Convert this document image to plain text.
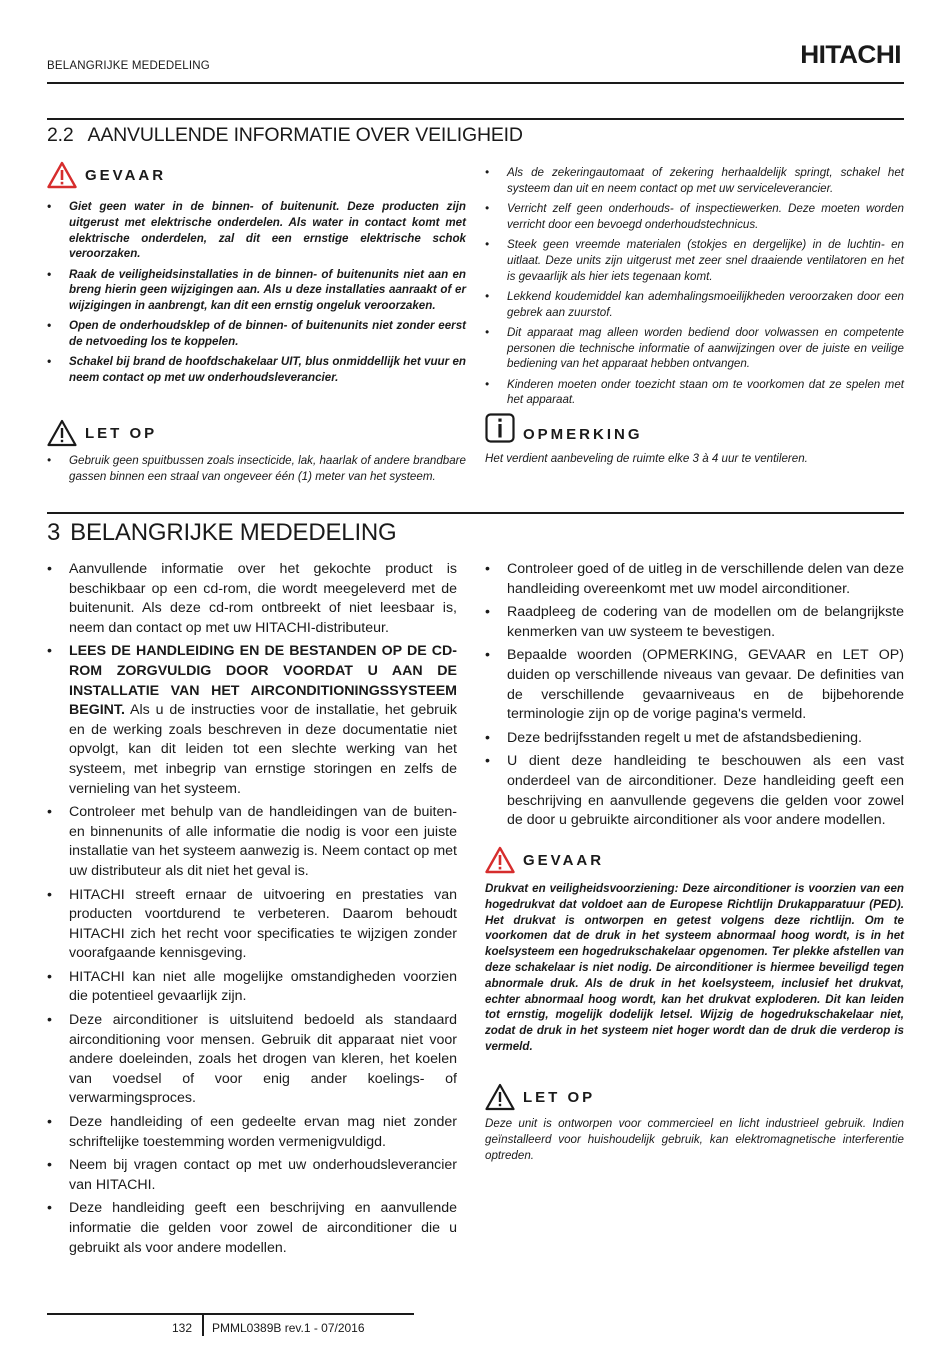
BELANGRIJKE MEDEDELING	HITACHI
2.2 AANVULLENDE INFORMATIE OVER VEILIGHEID
GEVAAR
• Giet geen water in de binnen- of buitenunit. Deze producten zijn uitgerust met elektrische onderdelen. Als water in contact komt met elektrische onderdelen, zal dit een ernstige elektrische schok veroorzaken.
• Raak de veiligheidsinstallaties in de binnen- of buitenunits niet aan en breng hierin geen wijzigingen aan. Als u deze installaties aanraakt of er wijzigingen in aanbrengt, kan dit een ernstig ongeluk veroorzaken.
• Open de onderhoudsklep of de binnen- of buitenunits niet zonder eerst de netvoeding los te koppelen.
• Schakel bij brand de hoofdschakelaar UIT, blus onmiddellijk het vuur en neem contact op met uw onderhoudsleverancier.
LET OP
• Gebruik geen spuitbussen zoals insecticide, lak, haarlak of andere brandbare gassen binnen een straal van ongeveer één (1) meter van het systeem.
• Als de zekeringautomaat of zekering herhaaldelijk springt, schakel het systeem dan uit en neem contact op met uw serviceleverancier.
• Verricht zelf geen onderhouds- of inspectiewerken. Deze moeten worden verricht door een bevoegd onderhoudstechnicus.
• Steek geen vreemde materialen (stokjes en dergelijke) in de luchtin- en uitlaat. Deze units zijn uitgerust met zeer snel draaiende ventilatoren en het is gevaarlijk als hier iets tegenaan komt.
• Lekkend koudemiddel kan ademhalingsmoeilijkheden veroorzaken door een gebrek aan zuurstof.
• Dit apparaat mag alleen worden bediend door volwassen en competente personen die technische informatie of aanwijzingen over de juiste en veilige bediening van het apparaat hebben ontvangen.
• Kinderen moeten onder toezicht staan om te voorkomen dat ze spelen met het apparaat.
OPMERKING

Het verdient aanbeveling de ruimte elke 3 à 4 uur te ventileren.

3 BELANGRIJKE MEDEDELING
• Aanvullende informatie over het gekochte product is beschikbaar op een cd-rom, die wordt meegeleverd met de buitenunit. Als deze cd-rom ontbreekt of niet leesbaar is, neem dan contact op met uw HITACHI-distributeur.
• LEES DE HANDLEIDING EN DE BESTANDEN OP DE CD-ROM ZORGVULDIG DOOR VOORDAT U AAN DE INSTALLATIE VAN HET AIRCONDITIONINGSSYSTEEM BEGINT. Als u de instructies voor de installatie, het gebruik en de werking zoals beschreven in deze documentatie niet opvolgt, kan dit leiden tot een slechte werking van het systeem, met inbegrip van ernstige storingen en zelfs de vernieling van het systeem.
• Controleer met behulp van de handleidingen van de buiten- en binnenunits of alle informatie die nodig is voor een juiste installatie van het systeem aanwezig is. Neem contact op met uw distributeur als dit niet het geval is.
• HITACHI streeft ernaar de uitvoering en prestaties van producten voortdurend te verbeteren. Daarom behoudt HITACHI zich het recht voor specificaties te wijzigen zonder voorafgaande kennisgeving.
• HITACHI kan niet alle mogelijke omstandigheden voorzien die potentieel gevaarlijk zijn.
• Deze airconditioner is uitsluitend bedoeld als standaard airconditioning voor mensen. Gebruik dit apparaat niet voor andere doeleinden, zoals het drogen van kleren, het koelen van voedsel of voor enig ander koelings- of verwarmingsproces.
• Deze handleiding of een gedeelte ervan mag niet zonder schriftelijke toestemming worden vermenigvuldigd.
• Neem bij vragen contact op met uw onderhoudsleverancier van HITACHI.
• Deze handleiding geeft een beschrijving en aanvullende informatie die gelden voor zowel de airconditioner die u gebruikt als voor andere modellen.
• Controleer goed of de uitleg in de verschillende delen van deze handleiding overeenkomt met uw model airconditioner.
• Raadpleeg de codering van de modellen om de belangrijkste kenmerken van uw systeem te bevestigen.
• Bepaalde woorden (OPMERKING, GEVAAR en LET OP) duiden op verschillende niveaus van gevaar. De definities van de verschillende gevaarniveaus en de bijbehorende terminologie zijn op de vorige pagina's vermeld.
• Deze bedrijfsstanden regelt u met de afstandsbediening.
• U dient deze handleiding te beschouwen als een vast onderdeel van de airconditioner. Deze handleiding geeft een beschrijving en aanvullende gegevens die gelden voor zowel de door u gebruikte airconditioner als voor andere modellen.
GEVAAR

Drukvat en veiligheidsvoorziening: Deze airconditioner is voorzien van een hogedrukvat dat voldoet aan de Europese Richtlijn Drukapparatuur (PED). Het drukvat is ontworpen en getest volgens deze richtlijn. Om te voorkomen dat de druk in het systeem abnormaal hoog wordt, is in het koelsysteem een hogedrukschakelaar opgenomen. Ter plekke afstellen van deze schakelaar is niet nodig. De airconditioner is hiermee beveiligd tegen abnormale druk. Als de druk in het koelsysteem, inclusief het drukvat, echter abnormaal hoog wordt, kan het drukvat exploderen. Dit kan leiden tot ernstig, mogelijk dodelijk letsel. Wijzig de hogedrukschakelaar niet, zodat de druk in het systeem niet hoger wordt dan de druk die verderop is vermeld.

LET OP

Deze unit is ontworpen voor commercieel en licht industrieel gebruik. Indien geïnstalleerd voor huishoudelijk gebruik, kan elektromagnetische interferentie optreden.

132 PMML0389B rev.1 - 07/2016
